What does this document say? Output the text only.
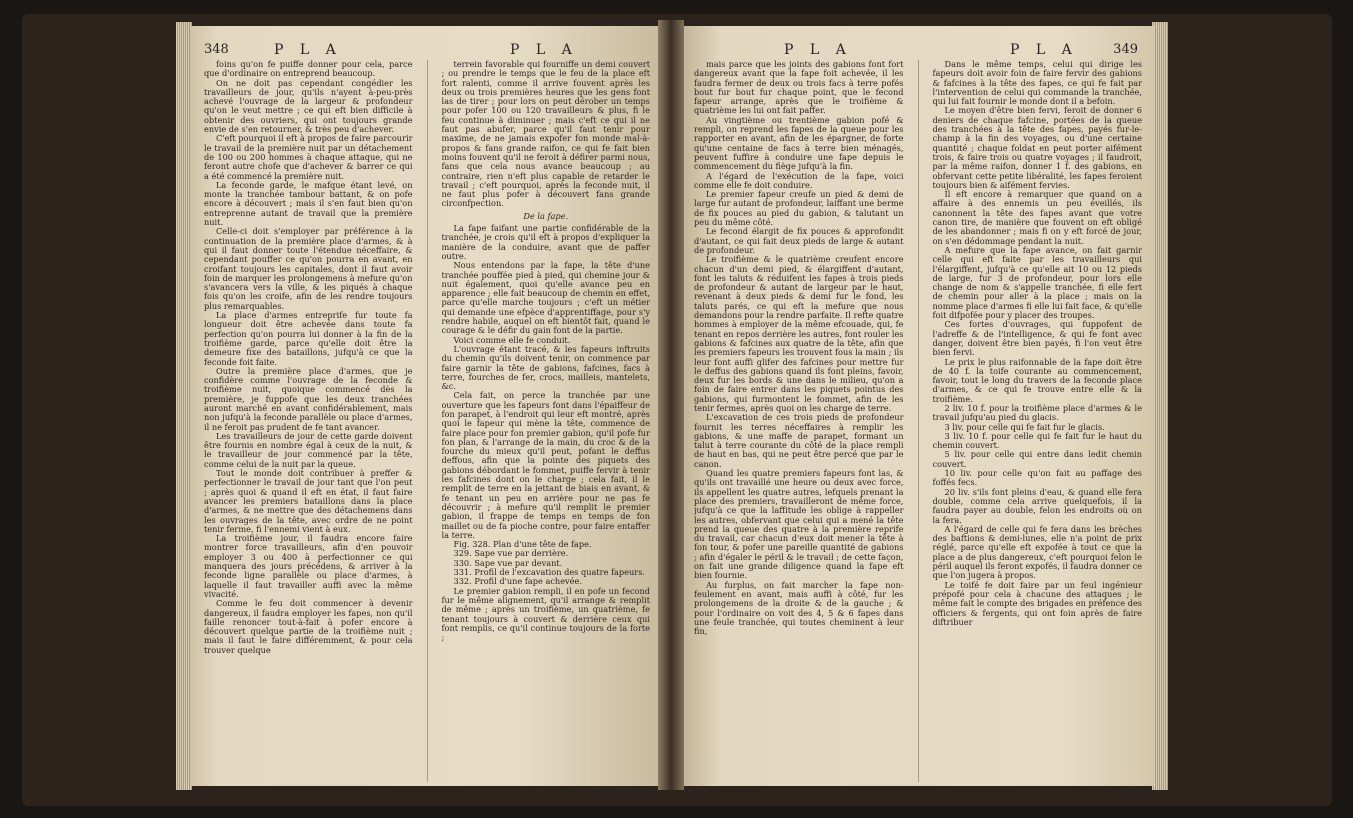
348	P L A	P L A

foins qu'on fe puiffe donner pour cela, parce que d'ordinaire on entreprend beaucoup.

On ne doit pas cependant congédier les travailleurs de jour, qu'ils n'ayent à-peu-près achevé l'ouvrage de la largeur & profondeur qu'on le veut mettre ; ce qui eft bien difficile à obtenir des ouvriers, qui ont toujours grande envie de s'en retourner, & très peu d'achever.

C'eft pourquoi il eft à propos de faire parcourir le travail de la première nuit par un détachement de 100 ou 200 hommes à chaque attaque, qui ne feront autre chofe que d'achever & barrer ce qui a été commencé la première nuit.

La feconde garde, le mafque étant levé, on monte la tranchée tambour battant, & on pofe encore à découvert ; mais il s'en faut bien qu'on entreprenne autant de travail que la première nuit.

Celle-ci doit s'employer par préférence à la continuation de la première place d'armes, & à qui il faut donner toute l'étendue néceffaire, & cependant pouffer ce qu'on pourra en avant, en croifant toujours les capitales, dont il faut avoir foin de marquer les prolongemens à mefure qu'on s'avancera vers la ville, & les piqués à chaque fois qu'on les croife, afin de les rendre toujours plus remarquables.

La place d'armes entreprife fur toute fa longueur doit être achevée dans toute fa perfection qu'on pourra lui donner à la fin de la troifième garde, parce qu'elle doit être la demeure fixe des bataillons, jufqu'à ce que la feconde foit faite.

Outre la première place d'armes, que je confidère comme l'ouvrage de la feconde & troifième nuit, quoique commencé dès la première, je fuppofe que les deux tranchées auront marché en avant confidérablement, mais non jufqu'à la feconde parallèle ou place d'armes, il ne feroit pas prudent de fe tant avancer.

Les travailleurs de jour de cette garde doivent être fournis en nombre égal à ceux de la nuit, & le travailleur de jour commencé par la tête, comme celui de la nuit par la queue.

Tout le monde doit contribuer à preffer & perfectionner le travail de jour tant que l'on peut ; après quoi & quand il eft en état, il faut faire avancer les premiers bataillons dans la place d'armes, & ne mettre que des détachemens dans les ouvrages de la tête, avec ordre de ne point tenir ferme, fi l'ennemi vient à eux.

La troifième jour, il faudra encore faire montrer force travailleurs, afin d'en pouvoir employer 3 ou 400 à perfectionner ce qui manquera des jours précédens, & arriver à la feconde ligne parallèle ou place d'armes, à laquelle il faut travailler auffi avec la même vivacité.

Comme le feu doit commencer à devenir dangereux, il faudra employer les fapes, non qu'il faille renoncer tout-à-fait à pofer encore à découvert quelque partie de la troifième nuit ; mais il faut le faire différemment, & pour cela trouver quelque

terrein favorable qui fourniffe un demi couvert ; ou prendre le temps que le feu de la place eft fort ralenti, comme il arrive fouvent après les deux ou trois premières heures que les gens font las de tirer ; pour lors on peut dérober un temps pour pofer 100 ou 120 travailleurs & plus, fi le feu continue à diminuer ; mais c'eft ce qui il ne faut pas abufer, parce qu'il faut tenir pour maxime, de ne jamais expofer fon monde mal-à-propos & fans grande raifon, ce qui fe fait bien moins fouvent qu'il ne feroit à défirer parmi nous, fans que cela nous avance beaucoup ; au contraire, rien n'eft plus capable de retarder le travail ; c'eft pourquoi, après la feconde nuit, il ne faut plus pofer à découvert fans grande circonfpection.

De la fape.

La fape faifant une partie confidérable de la tranchée, je crois qu'il eft à propos d'expliquer la manière de la conduire, avant que de paffer outre.

Nous entendons par la fape, la tête d'une tranchée pouffée pied à pied, qui chemine jour & nuit également, quoi qu'elle avance peu en apparence ; elle fait beaucoup de chemin en effet, parce qu'elle marche toujours ; c'eft un métier qui demande une efpèce d'apprentiffage, pour s'y rendre habile, auquel on eft bientôt fait, quand le courage & le défir du gain font de la partie.

Voici comme elle fe conduit.

L'ouvrage étant tracé, & les fapeurs inftruits du chemin qu'ils doivent tenir, on commence par faire garnir la tête de gabions, fafcines, facs à terre, fourches de fer, crocs, mailleis, mantelets, &c.

Cela fait, on perce la tranchée par une ouverture que les fapeurs font dans l'épaiffeur de fon parapet, à l'endroit qui leur eft montré, après quoi le fapeur qui mène la tête, commence de faire place pour fon premier gabion, qu'il pofe fur fon plan, & l'arrange de la main, du croc & de la fourche du mieux qu'il peut, pofant le deffus deffous, afin que la pointe des piquets des gabions débordant le fommet, puiffe fervir à tenir les fafcines dont on le charge ; cela fait, il le remplit de terre en la jettant de biais en avant, & fe tenant un peu en arrière pour ne pas fe découvrir ; à mefure qu'il remplit le premier gabion, il frappe de temps en temps de fon maillet ou de fa pioche contre, pour faire entaffer la terre.

Fig. 328. Plan d'une tête de fape.

329. Sape vue par derrière.

330. Sape vue par devant.

331. Profil de l'excavation des quatre fapeurs.

332. Profil d'une fape achevée.

Le premier gabion rempli, il en pofe un fecond fur le même alignement, qu'il arrange & remplit de même ; après un troifième, un quatrième, fe tenant toujours à couvert & derrière ceux qui font remplis, ce qu'il continue toujours de la forte ;

P L A	P L A	349

mais parce que les joints des gabions font fort dangereux avant que la fape foit achevée, il les faudra fermer de deux ou trois facs à terre pofés bout fur bout fur chaque point, que le fecond fapeur arrange, après que le troifième & quatrième les lui ont fait paffer.

Au vingtième ou trentième gabion pofé & rempli, on reprend les fapes de la queue pour les rapporter en avant, afin de les épargner, de forte qu'une centaine de facs à terre bien ménagés, peuvent fuffire à conduire une fape depuis le commencement du fiège jufqu'à la fin.

A l'égard de l'exécution de la fape, voici comme elle fe doit conduire.

Le premier fapeur creufe un pied & demi de large fur autant de profondeur, laiffant une berme de fix pouces au pied du gabion, & talutant un peu du même côté.

Le fecond élargit de fix pouces & approfondit d'autant, ce qui fait deux pieds de large & autant de profondeur.

Le troifième & le quatrième creufent encore chacun d'un demi pied, & élargiffent d'autant, font les taluts & réduifent les fapes à trois pieds de profondeur & autant de largeur par le haut, revenant à deux pieds & demi fur le fond, les taluts parés, ce qui eft la mefure que nous demandons pour la rendre parfaite. Il refte quatre hommes à employer de la même efcouade, qui, fe tenant en repos derrière les autres, font rouler les gabions & fafcines aux quatre de la tête, afin que les premiers fapeurs les trouvent fous la main ; ils leur font auffi glifer des fafcines pour mettre fur le deffus des gabions quand ils font pleins, favoir, deux fur les bords & une dans le milieu, qu'on a foin de faire entrer dans les piquets pointus des gabions, qui furmontent le fommet, afin de les tenir fermes, après quoi on les charge de terre.

L'excavation de ces trois pieds de profondeur fournit les terres néceffaires à remplir les gabions, & une maffe de parapet, formant un talut à terre courante du côté de la place rempli de haut en bas, qui ne peut être percé que par le canon.

Quand les quatre premiers fapeurs font las, & qu'ils ont travaillé une heure ou deux avec force, ils appellent les quatre autres, lefquels prenant la place des premiers, travailleront de même force, jufqu'à ce que la laffitude les oblige à rappeller les autres, obfervant que celui qui a mené la tête prend la queue des quatre à la première reprife du travail, car chacun d'eux doit mener la tête à fon tour, & pofer une pareille quantité de gabions ; afin d'égaler le péril & le travail ; de cette façon, on fait une grande diligence quand la fape eft bien fournie.

Au furplus, on fait marcher la fape non-feulement en avant, mais auffi à côté, fur les prolongemens de la droite & de la gauche ; & pour l'ordinaire on voit des 4, 5 & 6 fapes dans une feule tranchée, qui toutes cheminent à leur fin,

Dans le même temps, celui qui dirige les fapeurs doit avoir foin de faire fervir des gabions & fafcines à la tête des fapes, ce qui fe fait par l'intervention de celui qui commande la tranchée, qui lui fait fournir le monde dont il a befoin.

Le moyen d'être bien fervi, feroit de donner 6 deniers de chaque fafcine, portées de la queue des tranchées à la tête des fapes, payés fur-le-champ à la fin des voyages, ou d'une certaine quantité ; chaque foldat en peut porter aifément trois, & faire trois ou quatre voyages ; il faudroit, par la même raifon, donner 1 f. des gabions, en obfervant cette petite libéralité, les fapes feroient toujours bien & aifément fervies.

Il eft encore à remarquer que quand on a affaire à des ennemis un peu éveillés, ils canonnent la tête des fapes avant que votre canon tire, de manière que fouvent on eft obligé de les abandonner ; mais fi on y eft forcé de jour, on s'en dédommage pendant la nuit.

A mefure que la fape avance, on fait garnir celle qui eft faite par les travailleurs qui l'élargiffent, jufqu'à ce qu'elle ait 10 ou 12 pieds de large, fur 3 de profondeur, pour lors elle change de nom & s'appelle tranchée, fi elle fert de chemin pour aller à la place ; mais on la nomme place d'armes fi elle lui fait face, & qu'elle foit difpofée pour y placer des troupes.

Ces fortes d'ouvrages, qui fuppofent de l'adreffe & de l'intelligence, & qui fe font avec danger, doivent être bien payés, fi l'on veut être bien fervi.

Le prix le plus raifonnable de la fape doit être de 40 f. la toife courante au commencement, favoir, tout le long du travers de la feconde place d'armes, & ce qui fe trouve entre elle & la troifième.

2 liv. 10 f. pour la troifième place d'armes & le travail jufqu'au pied du glacis.

3 liv. pour celle qui fe fait fur le glacis.

3 liv. 10 f. pour celle qui fe fait fur le haut du chemin couvert.

5 liv. pour celle qui entre dans ledit chemin couvert.

10 liv. pour celle qu'on fait au paffage des foffés fecs.

20 liv. s'ils font pleins d'eau, & quand elle fera double, comme cela arrive quelquefois, il la faudra payer au double, felon les endroits où on la fera.

A l'égard de celle qui fe fera dans les brèches des baftions & demi-lunes, elle n'a point de prix réglé, parce qu'elle eft expofée à tout ce que la place a de plus dangereux, c'eft pourquoi felon le péril auquel ils feront expofés, il faudra donner ce que l'on jugera à propos.

Le toifé fe doit faire par un feul ingénieur prépofé pour cela à chacune des attaques ; le même fait le compte des brigades en préfence des officiers & fergents, qui ont foin après de faire diftribuer
